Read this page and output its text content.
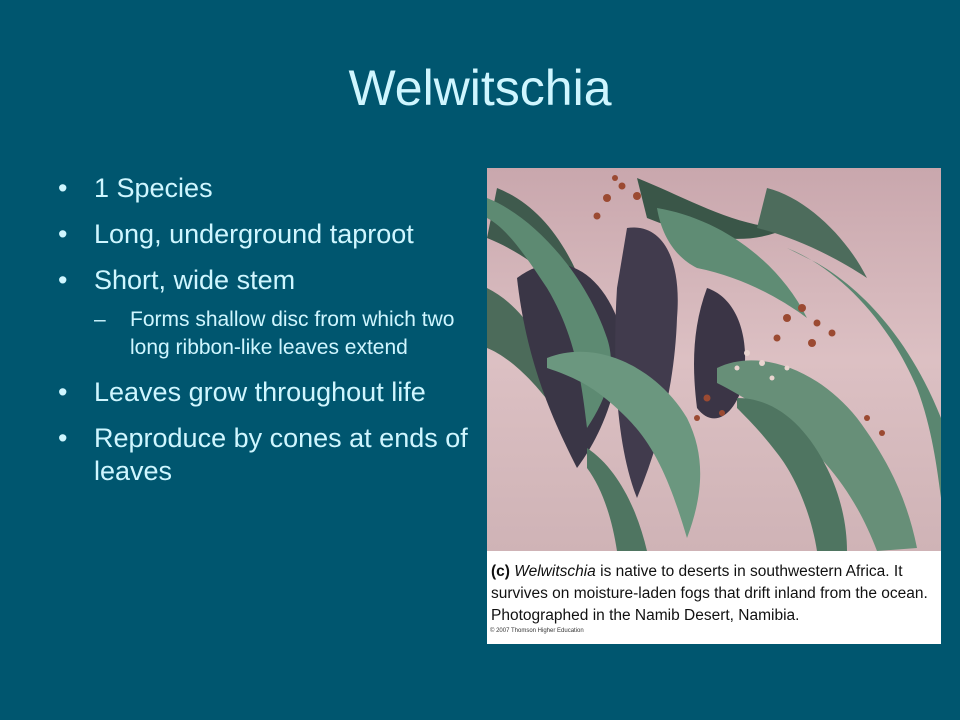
Welwitschia
• 1 Species
• Long, underground taproot
• Short, wide stem
– Forms shallow disc from which two long ribbon-like leaves extend
• Leaves grow throughout life
• Reproduce by cones at ends of leaves
(c) Welwitschia is native to deserts in southwestern Africa. It survives on moisture-laden fogs that drift inland from the ocean. Photographed in the Namib Desert, Namibia.
© 2007 Thomson Higher Education
